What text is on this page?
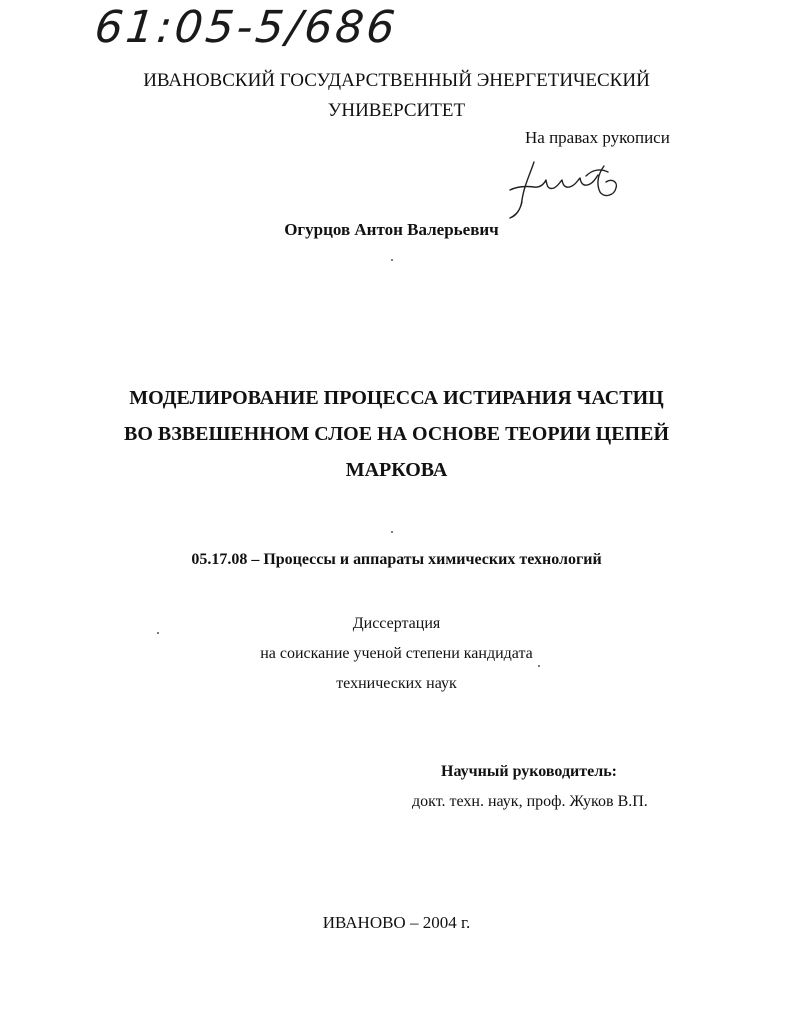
61:05-5/686
ИВАНОВСКИЙ ГОСУДАРСТВЕННЫЙ ЭНЕРГЕТИЧЕСКИЙ
УНИВЕРСИТЕТ
На правах рукописи
Огурцов Антон Валерьевич
МОДЕЛИРОВАНИЕ ПРОЦЕССА ИСТИРАНИЯ ЧАСТИЦ
ВО ВЗВЕШЕННОМ СЛОЕ НА ОСНОВЕ ТЕОРИИ ЦЕПЕЙ
МАРКОВА
05.17.08 – Процессы и аппараты химических технологий
Диссертация
на соискание ученой степени кандидата
технических наук
Научный руководитель:
докт. техн. наук, проф. Жуков В.П.
ИВАНОВО – 2004 г.
